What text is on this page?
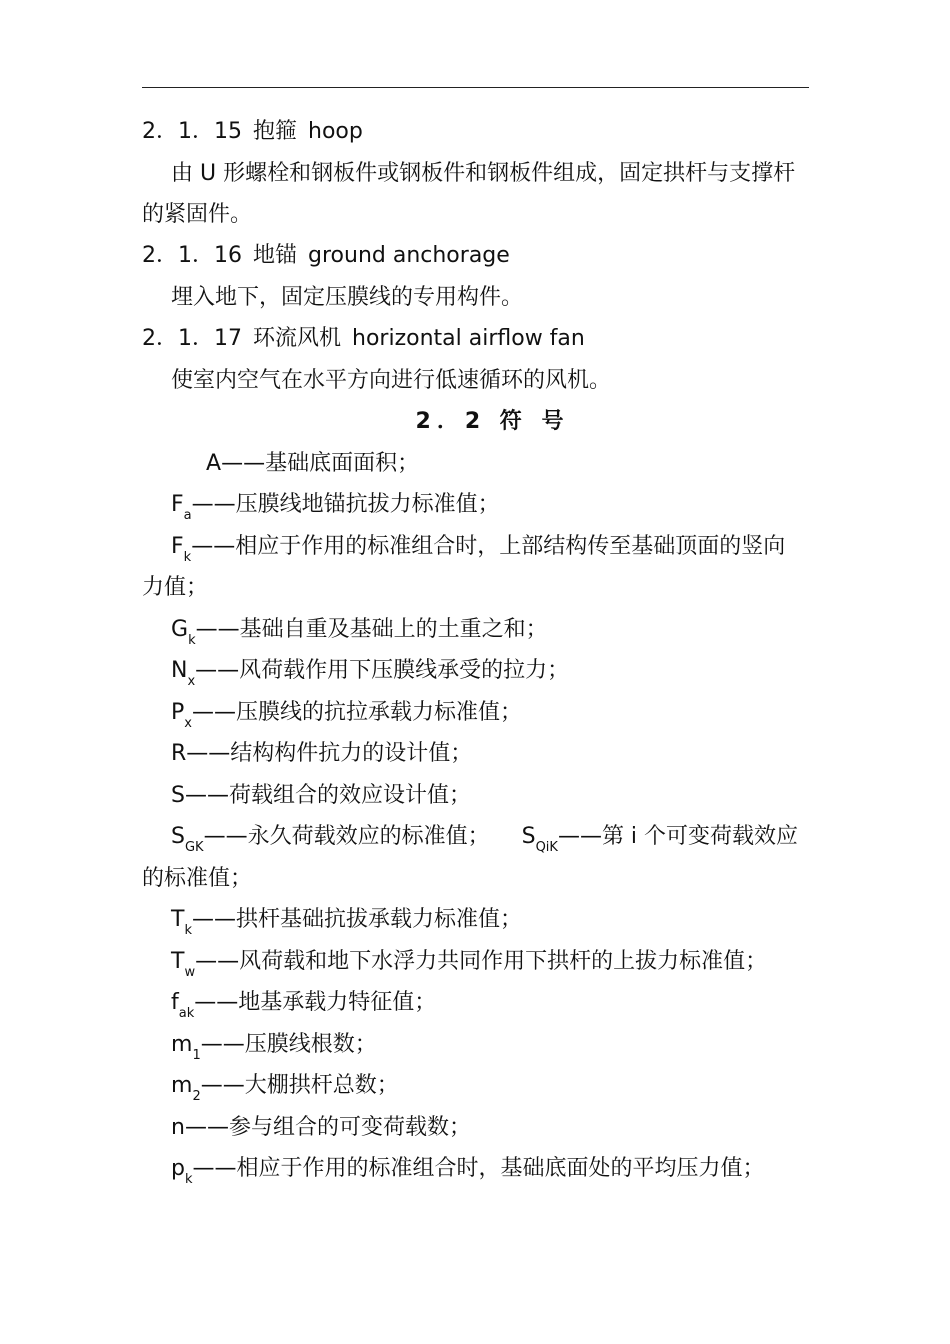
2．1．15 抱箍 hoop
由 U 形螺栓和钢板件或钢板件和钢板件组成，固定拱杆与支撑杆
的紧固件。
2．1．16 地锚 ground anchorage
埋入地下，固定压膜线的专用构件。
2．1．17 环流风机 horizontal airflow fan
使室内空气在水平方向进行低速循环的风机。
2．2 符 号
A——基础底面面积；
$F_a——$压膜线地锚抗拔力标准值；
$F_k——$相应于作用的标准组合时，上部结构传至基础顶面的竖向
力值；
$G_k——$基础自重及基础上的土重之和；
$N_x——$风荷载作用下压膜线承受的拉力；
$P_x——$压膜线的抗拉承载力标准值；
R——结构构件抗力的设计值；
S——荷载组合的效应设计值；
$S_{GK}——$永久荷载效应的标准值； $S_{QiK}——$第 i 个可变荷载效应
的标准值；
$T_k——$拱杆基础抗拔承载力标准值；
$T_w——$风荷载和地下水浮力共同作用下拱杆的上拔力标准值；
$f_{ak}——$地基承载力特征值；
$m_1——$压膜线根数；
$m_2——$大棚拱杆总数；
n——参与组合的可变荷载数；
$p_k——$相应于作用的标准组合时，基础底面处的平均压力值；
